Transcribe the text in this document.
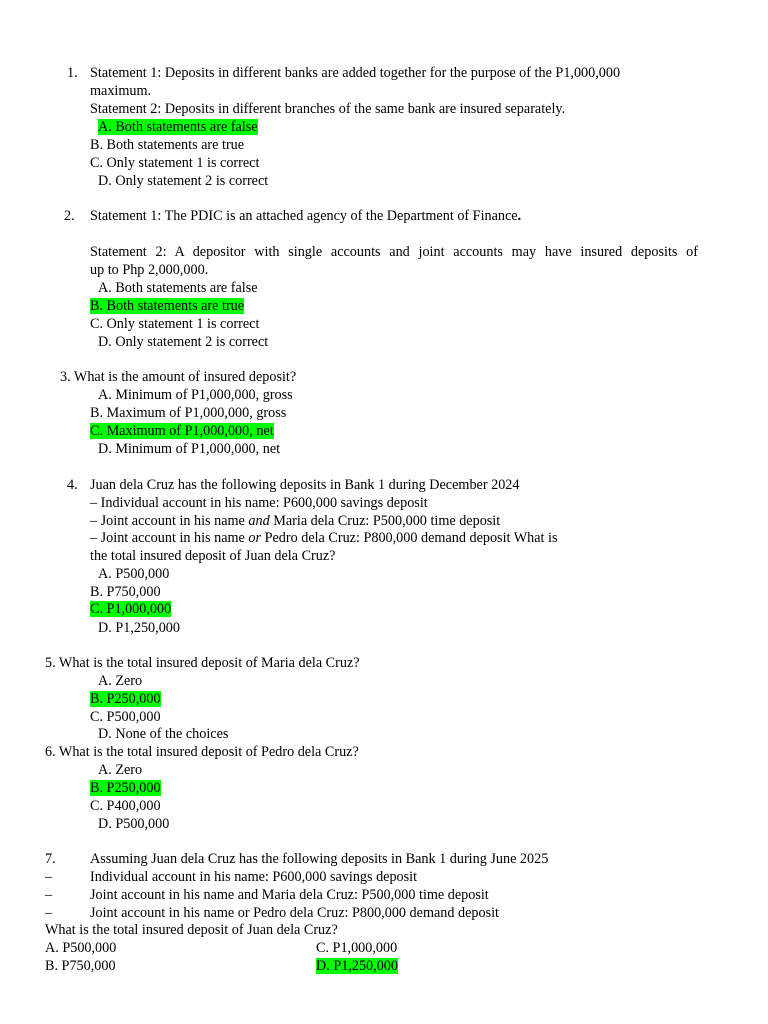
1. Statement 1: Deposits in different banks are added together for the purpose of the P1,000,000
maximum.
Statement 2: Deposits in different branches of the same bank are insured separately.
A. Both statements are false
B. Both statements are true
C. Only statement 1 is correct
D. Only statement 2 is correct
2. Statement 1: The PDIC is an attached agency of the Department of Finance.
Statement 2: A depositor with single accounts and joint accounts may have insured deposits of
up to Php 2,000,000.
A. Both statements are false
B. Both statements are true
C. Only statement 1 is correct
D. Only statement 2 is correct
3. What is the amount of insured deposit?
A. Minimum of P1,000,000, gross
B. Maximum of P1,000,000, gross
C. Maximum of P1,000,000, net
D. Minimum of P1,000,000, net
4. Juan dela Cruz has the following deposits in Bank 1 during December 2024
– Individual account in his name: P600,000 savings deposit
– Joint account in his name and Maria dela Cruz: P500,000 time deposit
– Joint account in his name or Pedro dela Cruz: P800,000 demand deposit What is
the total insured deposit of Juan dela Cruz?
A. P500,000
B. P750,000
C. P1,000,000
D. P1,250,000
5. What is the total insured deposit of Maria dela Cruz?
A. Zero
B. P250,000
C. P500,000
D. None of the choices
6. What is the total insured deposit of Pedro dela Cruz?
A. Zero
B. P250,000
C. P400,000
D. P500,000
7. Assuming Juan dela Cruz has the following deposits in Bank 1 during June 2025
–	Individual account in his name: P600,000 savings deposit
–	Joint account in his name and Maria dela Cruz: P500,000 time deposit
–	Joint account in his name or Pedro dela Cruz: P800,000 demand deposit
What is the total insured deposit of Juan dela Cruz?
A. P500,000
B. P750,000
C. P1,000,000
D. P1,250,000
